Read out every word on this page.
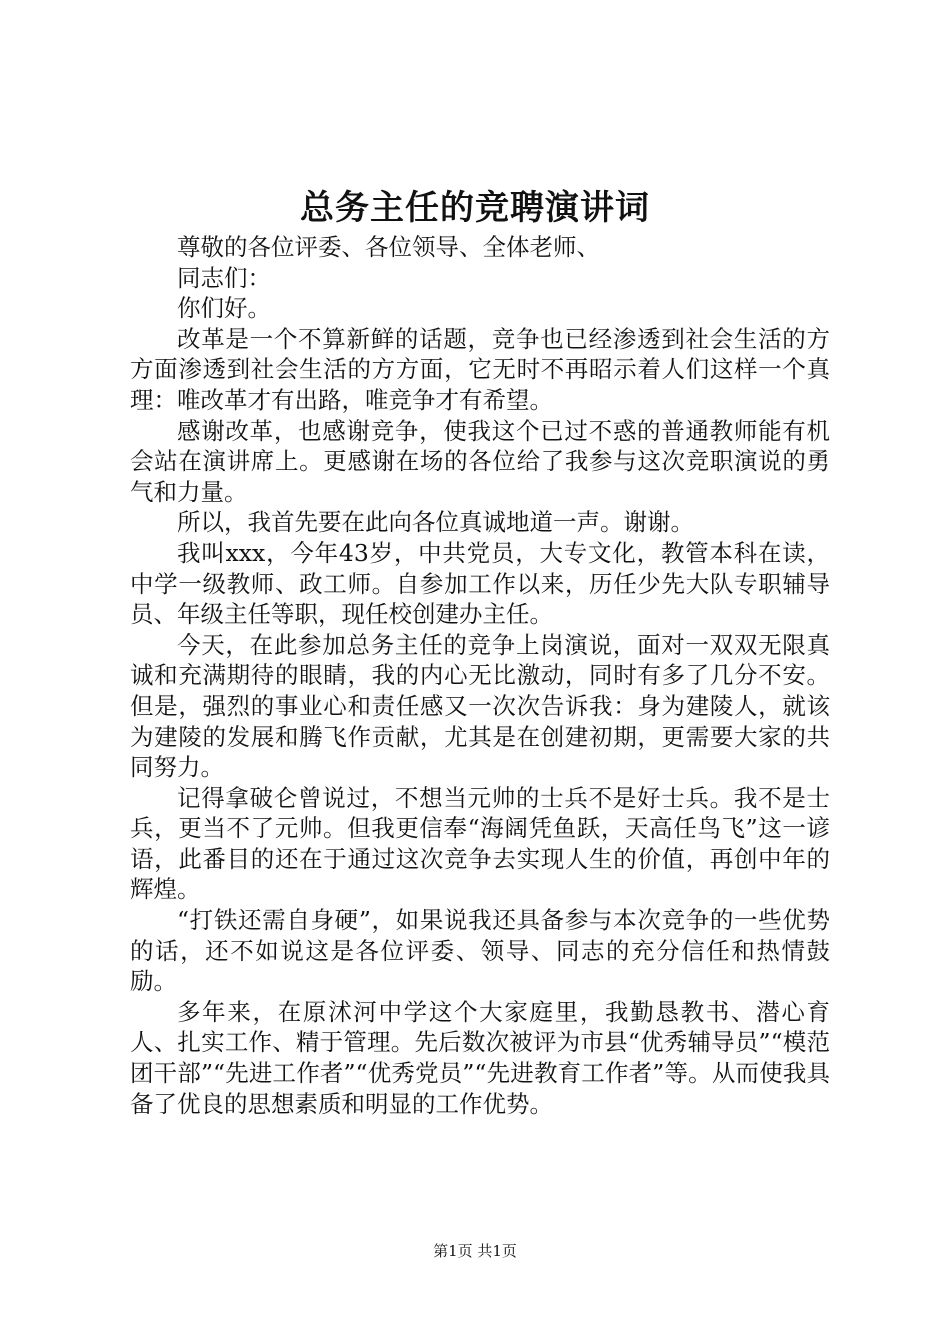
总务主任的竞聘演讲词

尊敬的各位评委、各位领导、全体老师、

同志们：

你们好。

改革是一个不算新鲜的话题，竞争也已经渗透到社会生活的方方面渗透到社会生活的方方面，它无时不再昭示着人们这样一个真理：唯改革才有出路，唯竞争才有希望。

感谢改革，也感谢竞争，使我这个已过不惑的普通教师能有机会站在演讲席上。更感谢在场的各位给了我参与这次竞职演说的勇气和力量。

所以，我首先要在此向各位真诚地道一声。谢谢。

我叫xxx，今年43岁，中共党员，大专文化，教管本科在读，中学一级教师、政工师。自参加工作以来，历任少先大队专职辅导员、年级主任等职，现任校创建办主任。

今天，在此参加总务主任的竞争上岗演说，面对一双双无限真诚和充满期待的眼睛，我的内心无比激动，同时有多了几分不安。但是，强烈的事业心和责任感又一次次告诉我：身为建陵人，就该为建陵的发展和腾飞作贡献，尤其是在创建初期，更需要大家的共同努力。

记得拿破仑曾说过，不想当元帅的士兵不是好士兵。我不是士兵，更当不了元帅。但我更信奉“海阔凭鱼跃，天高任鸟飞”这一谚语，此番目的还在于通过这次竞争去实现人生的价值，再创中年的辉煌。

“打铁还需自身硬”，如果说我还具备参与本次竞争的一些优势的话，还不如说这是各位评委、领导、同志的充分信任和热情鼓励。

多年来，在原沭河中学这个大家庭里，我勤恳教书、潜心育人、扎实工作、精于管理。先后数次被评为市县“优秀辅导员”“模范团干部”“先进工作者”“优秀党员”“先进教育工作者”等。从而使我具备了优良的思想素质和明显的工作优势。

第1页 共1页
